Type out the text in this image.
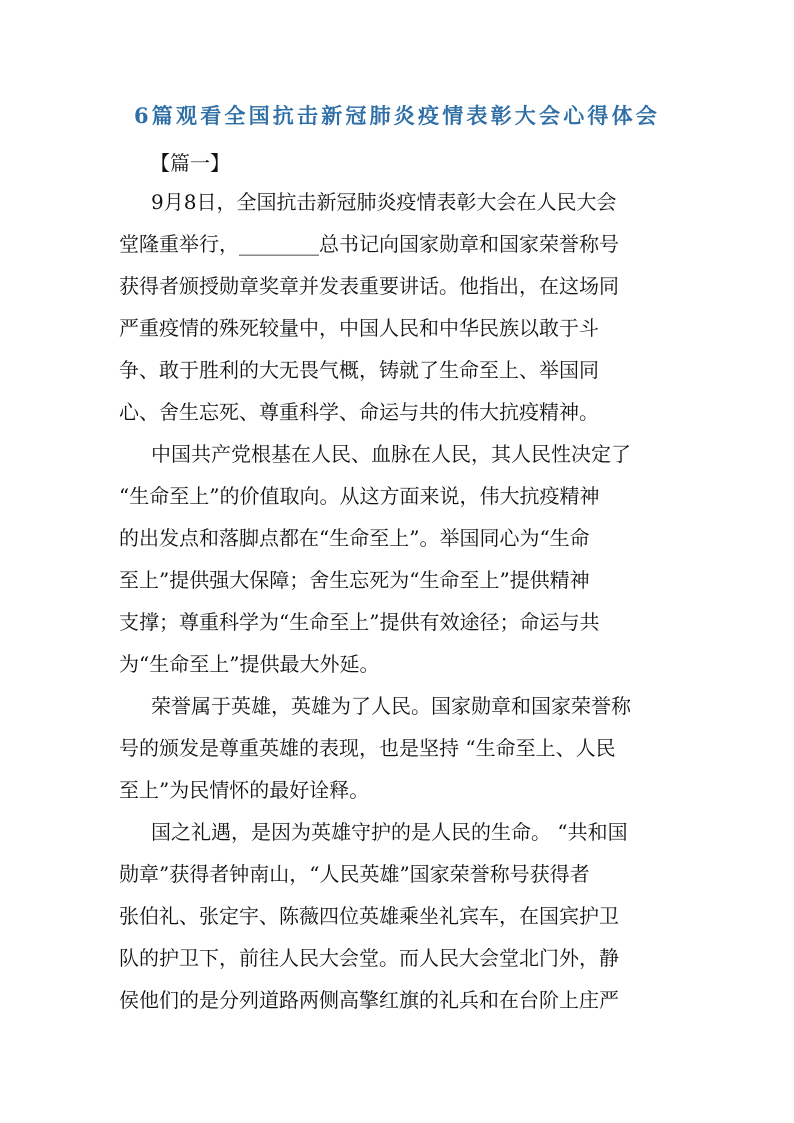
6篇观看全国抗击新冠肺炎疫情表彰大会心得体会
【篇一】
9月8日，全国抗击新冠肺炎疫情表彰大会在人民大会
堂隆重举行，________总书记向国家勋章和国家荣誉称号
获得者颁授勋章奖章并发表重要讲话。他指出，在这场同
严重疫情的殊死较量中，中国人民和中华民族以敢于斗
争、敢于胜利的大无畏气概，铸就了生命至上、举国同
心、舍生忘死、尊重科学、命运与共的伟大抗疫精神。
中国共产党根基在人民、血脉在人民，其人民性决定了
“生命至上”的价值取向。从这方面来说，伟大抗疫精神
的出发点和落脚点都在“生命至上”。举国同心为“生命
至上”提供强大保障；舍生忘死为“生命至上”提供精神
支撑；尊重科学为“生命至上”提供有效途径；命运与共
为“生命至上”提供最大外延。
荣誉属于英雄，英雄为了人民。国家勋章和国家荣誉称
号的颁发是尊重英雄的表现，也是坚持 “生命至上、人民
至上”为民情怀的最好诠释。
国之礼遇，是因为英雄守护的是人民的生命。 “共和国
勋章”获得者钟南山，“人民英雄”国家荣誉称号获得者
张伯礼、张定宇、陈薇四位英雄乘坐礼宾车，在国宾护卫
队的护卫下，前往人民大会堂。而人民大会堂北门外，静
侯他们的是分列道路两侧高擎红旗的礼兵和在台阶上庄严
